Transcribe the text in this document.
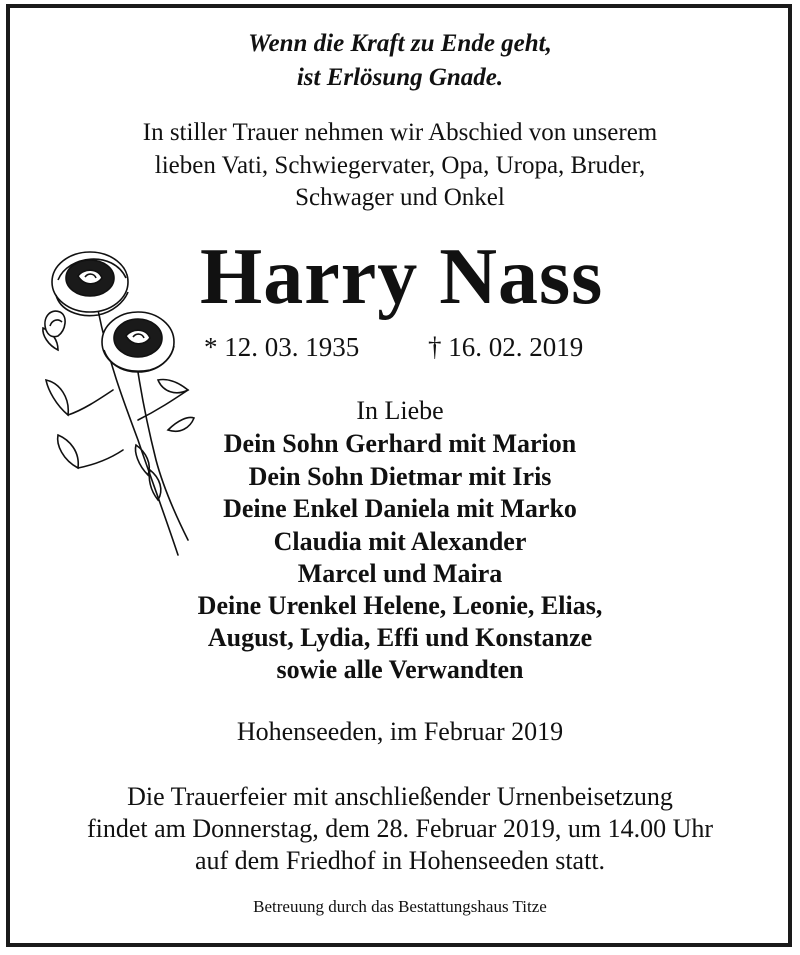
Wenn die Kraft zu Ende geht,
ist Erlösung Gnade.
In stiller Trauer nehmen wir Abschied von unserem
lieben Vati, Schwiegervater, Opa, Uropa, Bruder,
Schwager und Onkel
Harry Nass
* 12. 03. 1935	† 16. 02. 2019
In Liebe
Dein Sohn Gerhard mit Marion
Dein Sohn Dietmar mit Iris
Deine Enkel Daniela mit Marko
Claudia mit Alexander
Marcel und Maira
Deine Urenkel Helene, Leonie, Elias,
August, Lydia, Effi und Konstanze
sowie alle Verwandten
Hohenseeden, im Februar 2019
Die Trauerfeier mit anschließender Urnenbeisetzung
findet am Donnerstag, dem 28. Februar 2019, um 14.00 Uhr
auf dem Friedhof in Hohenseeden statt.
Betreuung durch das Bestattungshaus Titze
